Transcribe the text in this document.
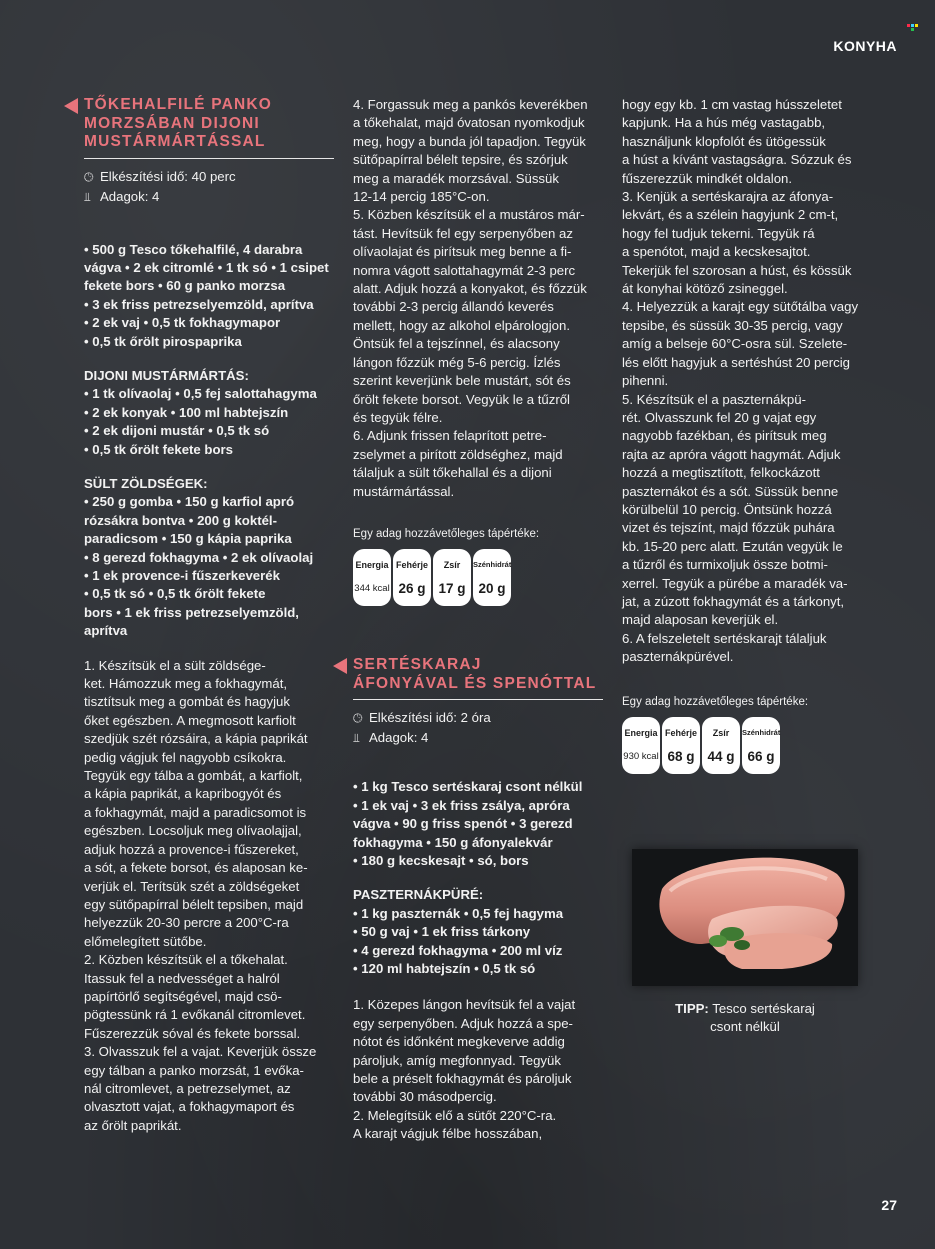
KONYHA
TŐKEHALFILÉ PANKO
MORZSÁBAN DIJONI
MUSTÁRMÁRTÁSSAL
🕒︎ Elkészítési idő: 40 perc
⫫ Adagok: 4
• 500 g Tesco tőkehalfilé, 4 darabra
vágva • 2 ek citromlé • 1 tk só • 1 csipet
fekete bors • 60 g panko morzsa
• 3 ek friss petrezselyemzöld, aprítva
• 2 ek vaj • 0,5 tk fokhagymapor
• 0,5 tk őrölt pirospaprika
DIJONI MUSTÁRMÁRTÁS:
• 1 tk olívaolaj • 0,5 fej salottahagyma
• 2 ek konyak • 100 ml habtejszín
• 2 ek dijoni mustár • 0,5 tk só
• 0,5 tk őrölt fekete bors
SÜLT ZÖLDSÉGEK:
• 250 g gomba • 150 g karfiol apró
rózsákra bontva • 200 g koktél-
paradicsom • 150 g kápia paprika
• 8 gerezd fokhagyma • 2 ek olívaolaj
• 1 ek provence-i fűszerkeverék
• 0,5 tk só • 0,5 tk őrölt fekete
bors • 1 ek friss petrezselyemzöld,
aprítva
1. Készítsük el a sült zöldsége-
ket. Hámozzuk meg a fokhagymát,
tisztítsuk meg a gombát és hagyjuk
őket egészben. A megmosott karfiolt
szedjük szét rózsáira, a kápia paprikát
pedig vágjuk fel nagyobb csíkokra.
Tegyük egy tálba a gombát, a karfiolt,
a kápia paprikát, a kapribogyót és
a fokhagymát, majd a paradicsomot is
egészben. Locsoljuk meg olívaolajjal,
adjuk hozzá a provence-i fűszereket,
a sót, a fekete borsot, és alaposan ke-
verjük el. Terítsük szét a zöldségeket
egy sütőpapírral bélelt tepsiben, majd
helyezzük 20-30 percre a 200°C-ra
előmelegített sütőbe.
2. Közben készítsük el a tőkehalat.
Itassuk fel a nedvességet a halról
papírtörlő segítségével, majd csö-
pögtessünk rá 1 evőkanál citromlevet.
Fűszerezzük sóval és fekete borssal.
3. Olvasszuk fel a vajat. Keverjük össze
egy tálban a panko morzsát, 1 evőka-
nál citromlevet, a petrezselymet, az
olvasztott vajat, a fokhagymaport és
az őrölt paprikát.
4. Forgassuk meg a pankós keverékben
a tőkehalat, majd óvatosan nyomkodjuk
meg, hogy a bunda jól tapadjon. Tegyük
sütőpapírral bélelt tepsire, és szórjuk
meg a maradék morzsával. Süssük
12-14 percig 185°C-on.
5. Közben készítsük el a mustáros már-
tást. Hevítsük fel egy serpenyőben az
olívaolajat és pirítsuk meg benne a fi-
nomra vágott salottahagymát 2-3 perc
alatt. Adjuk hozzá a konyakot, és főzzük
további 2-3 percig állandó keverés
mellett, hogy az alkohol elpárologjon.
Öntsük fel a tejszínnel, és alacsony
lángon főzzük még 5-6 percig. Ízlés
szerint keverjünk bele mustárt, sót és
őrölt fekete borsot. Vegyük le a tűzről
és tegyük félre.
6. Adjunk frissen felaprított petre-
zselymet a pirított zöldséghez, majd
tálaljuk a sült tőkehallal és a dijoni
mustármártással.
Egy adag hozzávetőleges tápértéke:
Energia
344 kcal
Fehérje
26 g
Zsír
17 g
Szénhidrát
20 g
SERTÉSKARAJ
ÁFONYÁVAL ÉS SPENÓTTAL
🕒︎ Elkészítési idő: 2 óra
⫫ Adagok: 4
• 1 kg Tesco sertéskaraj csont nélkül
• 1 ek vaj • 3 ek friss zsálya, apróra
vágva • 90 g friss spenót • 3 gerezd
fokhagyma • 150 g áfonyalekvár
• 180 g kecskesajt • só, bors
PASZTERNÁKPÜRÉ:
• 1 kg paszternák • 0,5 fej hagyma
• 50 g vaj • 1 ek friss tárkony
• 4 gerezd fokhagyma • 200 ml víz
• 120 ml habtejszín • 0,5 tk só
1. Közepes lángon hevítsük fel a vajat
egy serpenyőben. Adjuk hozzá a spe-
nótot és időnként megkeverve addig
pároljuk, amíg megfonnyad. Tegyük
bele a préselt fokhagymát és pároljuk
további 30 másodpercig.
2. Melegítsük elő a sütőt 220°C-ra.
A karajt vágjuk félbe hosszában,
hogy egy kb. 1 cm vastag hússzeletet
kapjunk. Ha a hús még vastagabb,
használjunk klopfolót és ütögessük
a húst a kívánt vastagságra. Sózzuk és
fűszerezzük mindkét oldalon.
3. Kenjük a sertéskarajra az áfonya-
lekvárt, és a szélein hagyjunk 2 cm-t,
hogy fel tudjuk tekerni. Tegyük rá
a spenótot, majd a kecskesajtot.
Tekerjük fel szorosan a húst, és kössük
át konyhai kötöző zsineggel.
4. Helyezzük a karajt egy sütőtálba vagy
tepsibe, és süssük 30-35 percig, vagy
amíg a belseje 60°C-osra sül. Szelete-
lés előtt hagyjuk a sertéshúst 20 percig
pihenni.
5. Készítsük el a paszternákpü-
rét. Olvasszunk fel 20 g vajat egy
nagyobb fazékban, és pirítsuk meg
rajta az apróra vágott hagymát. Adjuk
hozzá a megtisztított, felkockázott
paszternákot és a sót. Süssük benne
körülbelül 10 percig. Öntsünk hozzá
vizet és tejszínt, majd főzzük puhára
kb. 15-20 perc alatt. Ezután vegyük le
a tűzről és turmixoljuk össze botmi-
xerrel. Tegyük a pürébe a maradék va-
jat, a zúzott fokhagymát és a tárkonyt,
majd alaposan keverjük el.
6. A felszeletelt sertéskarajt tálaljuk
paszternákpürével.
Egy adag hozzávetőleges tápértéke:
Energia
930 kcal
Fehérje
68 g
Zsír
44 g
Szénhidrát
66 g
TIPP: Tesco sertéskaraj
csont nélkül
27
